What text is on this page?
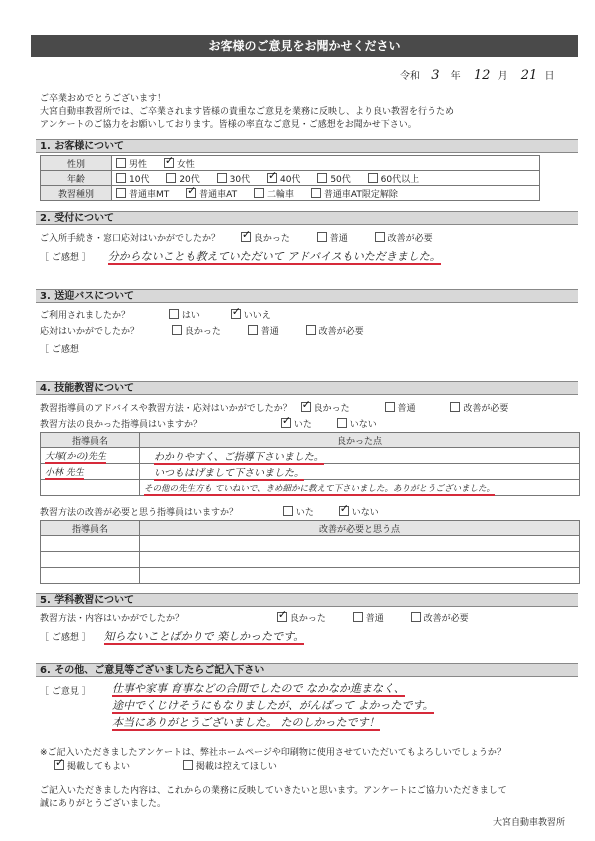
お客様のご意見をお聞かせください
令和 3 年 12 月 21 日
ご卒業おめでとうございます！
大宮自動車教習所では、ご卒業されます皆様の貴重なご意見を業務に反映し、より良い教習を行うため
アンケートのご協力をお願いしております。皆様の率直なご意見・ご感想をお聞かせ下さい。
1. お客様について
性別	男性 ✓ 女性
年齢	10代 20代 30代 ✓ 40代 50代 60代以上
教習種別	普通車MT ✓ 普通車AT 二輪車 普通車AT限定解除
2. 受付について
ご入所手続き・窓口応対はいかがでしたか？ ✓	良かった	普通	改善が必要
［ ご感想 ］ 分からないことも教えていただいて アドバイスもいただきました。
3. 送迎バスについて
ご利用されましたか？	はい ✓	いいえ
応対はいかがでしたか？	良かった	普通	改善が必要
［ ご感想
4. 技能教習について
教習指導員のアドバイスや教習方法・応対はいかがでしたか？ ✓ 良かった	普通	改善が必要
教習方法の良かった指導員はいますか？ ✓	いた	いない
指導員名	良かった点
大塚(かの)先生	わかりやすく、ご指導下さいました。
小林 先生	いつもはげまして下さいました。
	その他の先生方も ていねいで、きめ細かに教えて下さいました。ありがとうございました。
教習方法の改善が必要と思う指導員はいますか？	いた ✓	いない
指導員名	改善が必要と思う点

5. 学科教習について
教習方法・内容はいかがでしたか？ ✓	良かった	普通	改善が必要
［ ご感想 ］ 知らないことばかりで 楽しかったです。
6. その他、ご意見等ございましたらご記入下さい
［ ご意見 ］ 仕事や家事 育事などの合間でしたので なかなか進まなく、
途中でくじけそうにもなりましたが、がんばって よかったです。
本当にありがとうございました。 たのしかったです！
※ご記入いただきましたアンケートは、弊社ホームページや印刷物に使用させていただいてもよろしいでしょうか？
✓掲載してもよい	掲載は控えてほしい
ご記入いただきました内容は、これからの業務に反映していきたいと思います。アンケートにご協力いただきまして
誠にありがとうございました。
大宮自動車教習所
